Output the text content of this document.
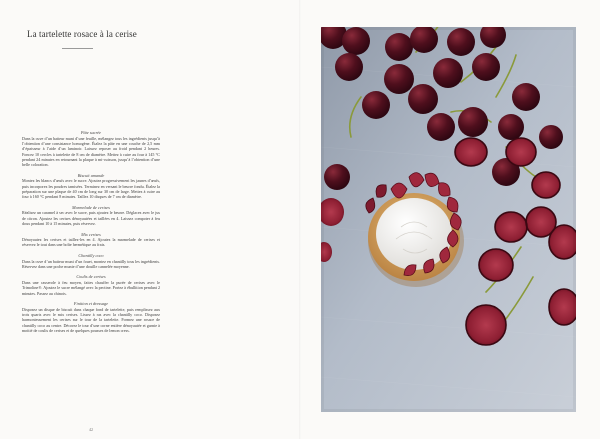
La tartelette rosace à la cerise
Pâte sucrée
Dans la cuve d’un batteur muni d’une feuille, mélangez tous les ingrédients jusqu’à l’obtention d’une consistance homogène. Étalez la pâte en une couche de 2,5 mm d’épaisseur à l’aide d’un laminoir. Laissez reposer au froid pendant 2 heures. Foncez 10 cercles à tartelette de 8 cm de diamètre. Mettez à cuire au four à 145 °C pendant 24 minutes en retournant la plaque à mi-cuisson, jusqu’à l’obtention d’une belle coloration.
Biscuit amande
Montez les blancs d’œufs avec le sucre. Ajoutez progressivement les jaunes d’œufs, puis incorporez les poudres tamisées. Terminez en versant le beurre fondu. Étalez la préparation sur une plaque de 40 cm de long sur 30 cm de large. Mettez à cuire au four à 160 °C pendant 8 minutes. Taillez 10 disques de 7 cm de diamètre.
Marmelade de cerises
Réalisez un caramel à sec avec le sucre, puis ajoutez le beurre. Déglacez avec le jus de citron. Ajoutez les cerises dénoyautées et taillées en 4. Laissez compoter à feu doux pendant 10 à 15 minutes, puis réservez.
Mix cerises
Dénoyautez les cerises et taillez-les en 4. Ajoutez la marmelade de cerises et réservez le tout dans une boîte hermétique au frais.
Chantilly coco
Dans la cuve d’un batteur muni d’un fouet, montez en chantilly tous les ingrédients. Réservez dans une poche munie d’une douille cannelée moyenne.
Coulis de cerises
Dans une casserole à feu moyen, faites chauffer la purée de cerises avec le Trimoline®. Ajoutez le sucre mélangé avec la pectine. Portez à ébullition pendant 2 minutes. Passez au chinois.
Finition et dressage
Disposez un disque de biscuit dans chaque fond de tartelette, puis remplissez aux trois quarts avec le mix cerises. Lissez à ras avec la chantilly coco. Disposez harmonieusement les cerises sur le tour de la tartelette. Formez une rosace de chantilly coco au centre. Décorez le tour d’une corne entière dénoyautée et garnie à moitié de coulis de cerises et de quelques pousses de lemon cress.
42
